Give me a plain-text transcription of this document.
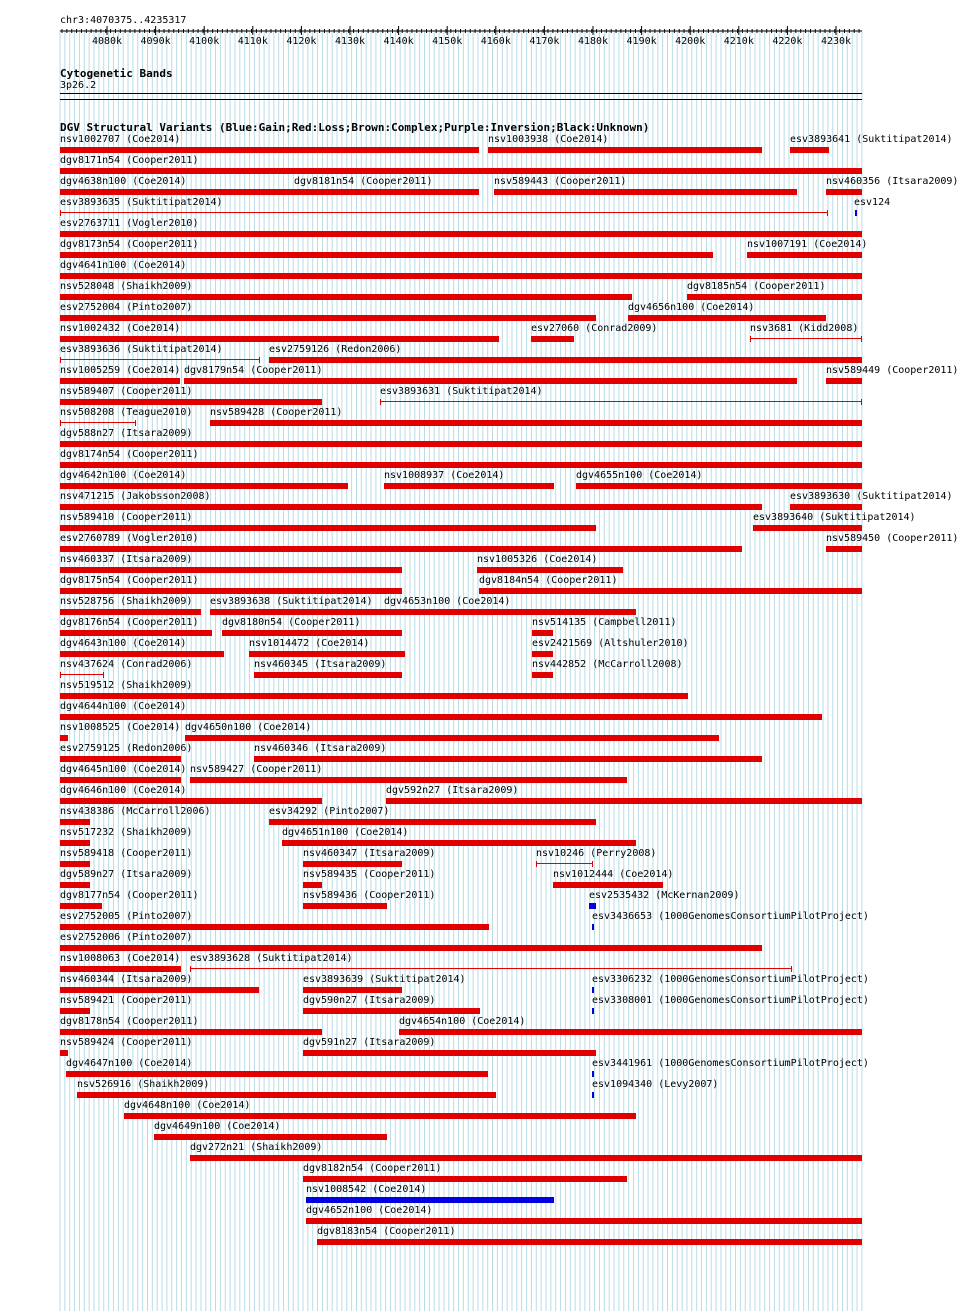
chr3:4070375..4235317
4080k 4090k 4100k 4110k 4120k 4130k 4140k 4150k 4160k 4170k 4180k 4190k 4200k 4210k 4220k 4230k
Cytogenetic Bands
3p26.2
DGV Structural Variants (Blue:Gain;Red:Loss;Brown:Complex;Purple:Inversion;Black:Unknown)
nsv1002707 (Coe2014)	nsv1003938 (Coe2014)	esv3893641 (Suktitipat2014)
dgv8171n54 (Cooper2011)
dgv4638n100 (Coe2014)	dgv8181n54 (Cooper2011)	nsv589443 (Cooper2011)	nsv460356 (Itsara2009)
esv3893635 (Suktitipat2014)	esv124
esv2763711 (Vogler2010)
dgv8173n54 (Cooper2011)	nsv1007191 (Coe2014)
dgv4641n100 (Coe2014)
nsv528048 (Shaikh2009)	dgv8185n54 (Cooper2011)
esv2752004 (Pinto2007)	dgv4656n100 (Coe2014)
nsv1002432 (Coe2014)	esv27060 (Conrad2009)	nsv3681 (Kidd2008)
esv3893636 (Suktitipat2014)	esv2759126 (Redon2006)
nsv1005259 (Coe2014) dgv8179n54 (Cooper2011)	nsv589449 (Cooper2011)
nsv589407 (Cooper2011)	esv3893631 (Suktitipat2014)
nsv508208 (Teague2010) nsv589428 (Cooper2011)
dgv588n27 (Itsara2009)
dgv8174n54 (Cooper2011)
dgv4642n100 (Coe2014)	nsv1008937 (Coe2014)	dgv4655n100 (Coe2014)
nsv471215 (Jakobsson2008)	esv3893630 (Suktitipat2014)
nsv589410 (Cooper2011)	esv3893640 (Suktitipat2014)
esv2760789 (Vogler2010)	nsv589450 (Cooper2011)
nsv460337 (Itsara2009)	nsv1005326 (Coe2014)
dgv8175n54 (Cooper2011)	dgv8184n54 (Cooper2011)
nsv528756 (Shaikh2009) esv3893638 (Suktitipat2014) dgv4653n100 (Coe2014)
dgv8176n54 (Cooper2011) dgv8180n54 (Cooper2011)	nsv514135 (Campbell2011)
dgv4643n100 (Coe2014)	nsv1014472 (Coe2014)	esv2421569 (Altshuler2010)
nsv437624 (Conrad2006)	nsv460345 (Itsara2009)	nsv442852 (McCarroll2008)
nsv519512 (Shaikh2009)
dgv4644n100 (Coe2014)
nsv1008525 (Coe2014) dgv4650n100 (Coe2014)
esv2759125 (Redon2006)	nsv460346 (Itsara2009)
dgv4645n100 (Coe2014) nsv589427 (Cooper2011)
dgv4646n100 (Coe2014)	dgv592n27 (Itsara2009)
nsv438386 (McCarroll2006)	esv34292 (Pinto2007)
nsv517232 (Shaikh2009)	dgv4651n100 (Coe2014)
nsv589418 (Cooper2011)	nsv460347 (Itsara2009)	nsv10246 (Perry2008)
dgv589n27 (Itsara2009)	nsv589435 (Cooper2011)	nsv1012444 (Coe2014)
dgv8177n54 (Cooper2011)	nsv589436 (Cooper2011)	esv2535432 (McKernan2009)
esv2752005 (Pinto2007)	esv3436653 (1000GenomesConsortiumPilotProject)
esv2752006 (Pinto2007)
nsv1008063 (Coe2014) esv3893628 (Suktitipat2014)
nsv460344 (Itsara2009)	esv3893639 (Suktitipat2014)	esv3306232 (1000GenomesConsortiumPilotProject)
nsv589421 (Cooper2011)	dgv590n27 (Itsara2009)	esv3308001 (1000GenomesConsortiumPilotProject)
dgv8178n54 (Cooper2011)	dgv4654n100 (Coe2014)
nsv589424 (Cooper2011)	dgv591n27 (Itsara2009)
dgv4647n100 (Coe2014)	esv3441961 (1000GenomesConsortiumPilotProject)
nsv526916 (Shaikh2009)	esv1094340 (Levy2007)
dgv4648n100 (Coe2014)
dgv4649n100 (Coe2014)
dgv272n21 (Shaikh2009)
dgv8182n54 (Cooper2011)
nsv1008542 (Coe2014)
dgv4652n100 (Coe2014)
dgv8183n54 (Cooper2011)
